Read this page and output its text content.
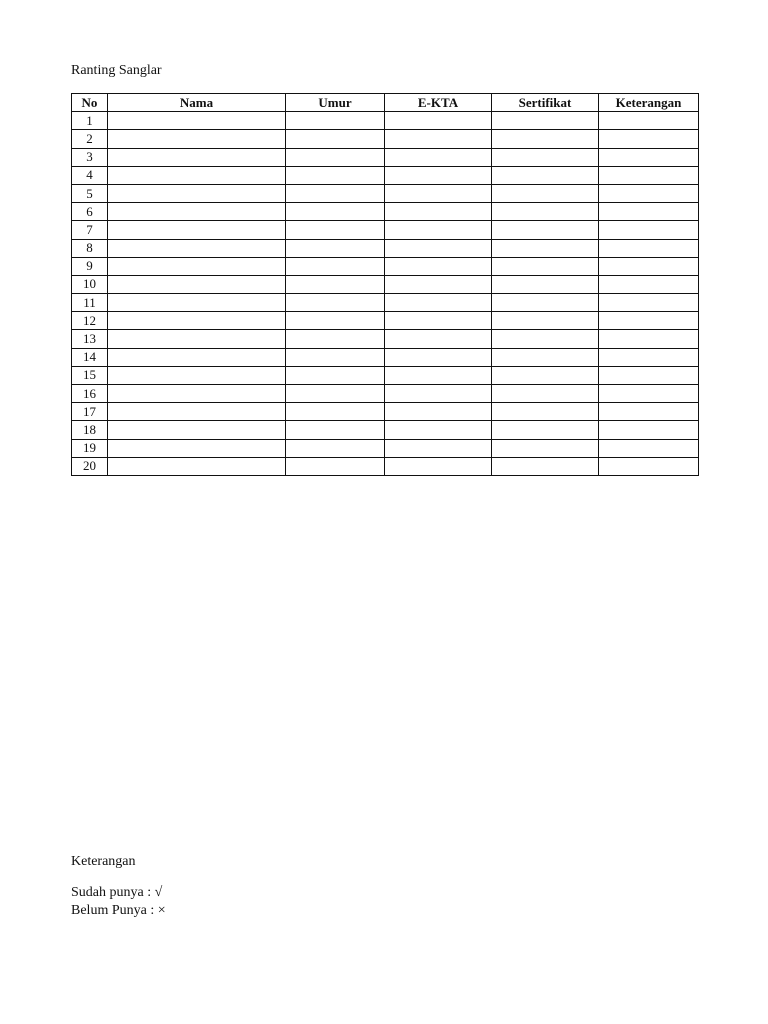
Ranting Sanglar
No	Nama	Umur	E-KTA	Sertifikat	Keterangan
1					
2					
3					
4					
5					
6					
7					
8					
9					
10					
11					
12					
13					
14					
15					
16					
17					
18					
19					
20					
Keterangan
Sudah punya : √
Belum Punya : ×
